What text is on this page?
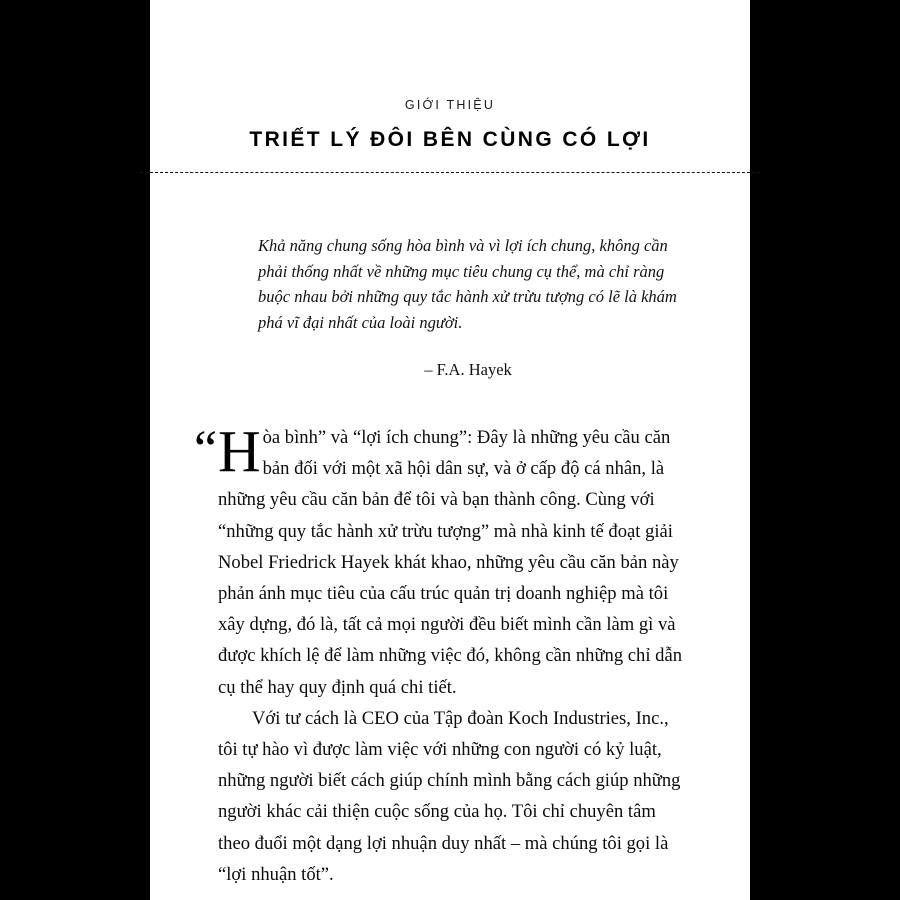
GIỚI THIỆU
TRIẾT LÝ ĐÔI BÊN CÙNG CÓ LỢI
Khả năng chung sống hòa bình và vì lợi ích chung, không cần phải thống nhất về những mục tiêu chung cụ thể, mà chỉ ràng buộc nhau bởi những quy tắc hành xử trừu tượng có lẽ là khám phá vĩ đại nhất của loài người.
– F.A. Hayek

“ H òa bình” và “lợi ích chung”: Đây là những yêu cầu căn bản đối với một xã hội dân sự, và ở cấp độ cá nhân, là những yêu cầu căn bản để tôi và bạn thành công. Cùng với “những quy tắc hành xử trừu tượng” mà nhà kinh tế đoạt giải Nobel Friedrick Hayek khát khao, những yêu cầu căn bản này phản ánh mục tiêu của cấu trúc quản trị doanh nghiệp mà tôi xây dựng, đó là, tất cả mọi người đều biết mình cần làm gì và được khích lệ để làm những việc đó, không cần những chỉ dẫn cụ thể hay quy định quá chi tiết.

Với tư cách là CEO của Tập đoàn Koch Industries, Inc., tôi tự hào vì được làm việc với những con người có kỷ luật, những người biết cách giúp chính mình bằng cách giúp những người khác cải thiện cuộc sống của họ. Tôi chỉ chuyên tâm theo đuổi một dạng lợi nhuận duy nhất – mà chúng tôi gọi là “lợi nhuận tốt”.
